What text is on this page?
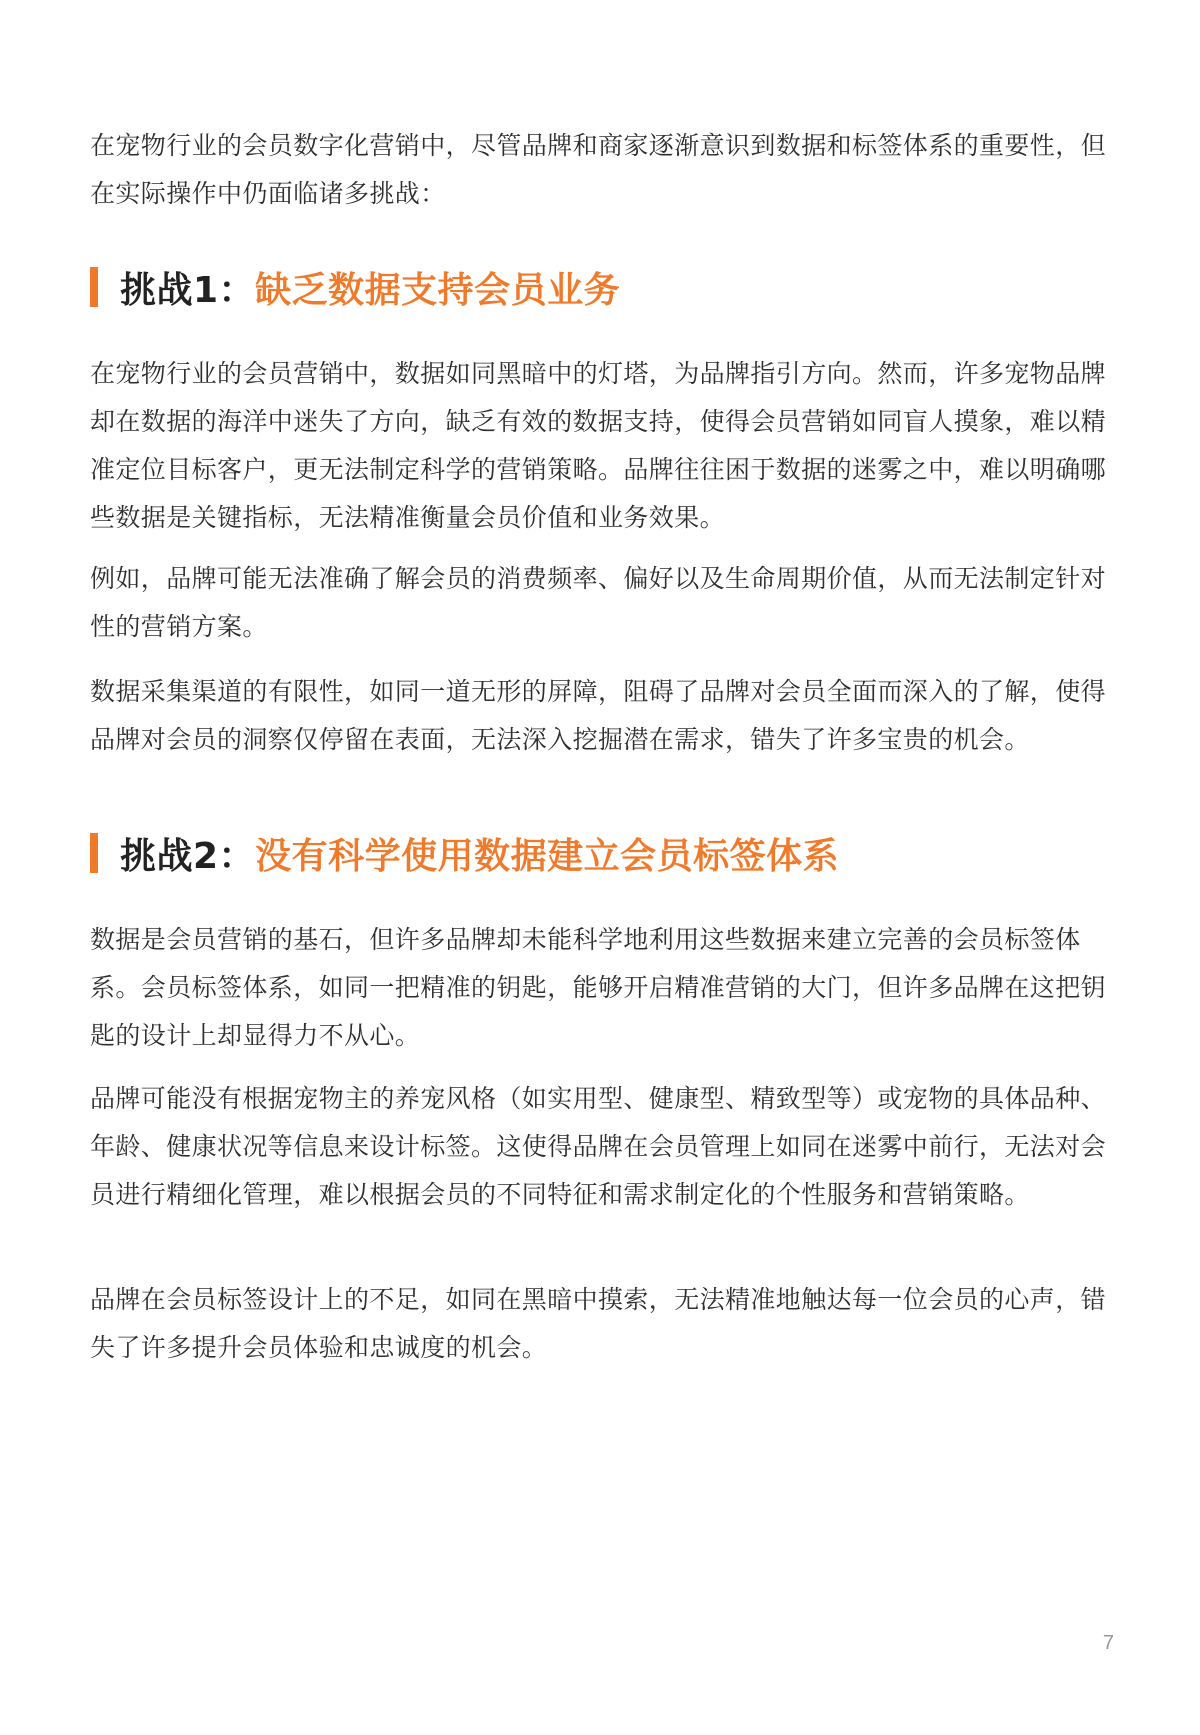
在宠物行业的会员数字化营销中，尽管品牌和商家逐渐意识到数据和标签体系的重要性，但在实际操作中仍面临诸多挑战：

挑战1： 缺乏数据支持会员业务

在宠物行业的会员营销中，数据如同黑暗中的灯塔，为品牌指引方向。然而，许多宠物品牌却在数据的海洋中迷失了方向，缺乏有效的数据支持，使得会员营销如同盲人摸象，难以精准定位目标客户，更无法制定科学的营销策略。品牌往往困于数据的迷雾之中，难以明确哪些数据是关键指标，无法精准衡量会员价值和业务效果。

例如，品牌可能无法准确了解会员的消费频率、偏好以及生命周期价值，从而无法制定针对性的营销方案。

数据采集渠道的有限性，如同一道无形的屏障，阻碍了品牌对会员全面而深入的了解，使得品牌对会员的洞察仅停留在表面，无法深入挖掘潜在需求，错失了许多宝贵的机会。

挑战2： 没有科学使用数据建立会员标签体系

数据是会员营销的基石，但许多品牌却未能科学地利用这些数据来建立完善的会员标签体系。会员标签体系，如同一把精准的钥匙，能够开启精准营销的大门，但许多品牌在这把钥匙的设计上却显得力不从心。

品牌可能没有根据宠物主的养宠风格（如实用型、健康型、精致型等）或宠物的具体品种、年龄、健康状况等信息来设计标签。这使得品牌在会员管理上如同在迷雾中前行，无法对会员进行精细化管理，难以根据会员的不同特征和需求制定化的个性服务和营销策略。

品牌在会员标签设计上的不足，如同在黑暗中摸索，无法精准地触达每一位会员的心声，错失了许多提升会员体验和忠诚度的机会。

7
